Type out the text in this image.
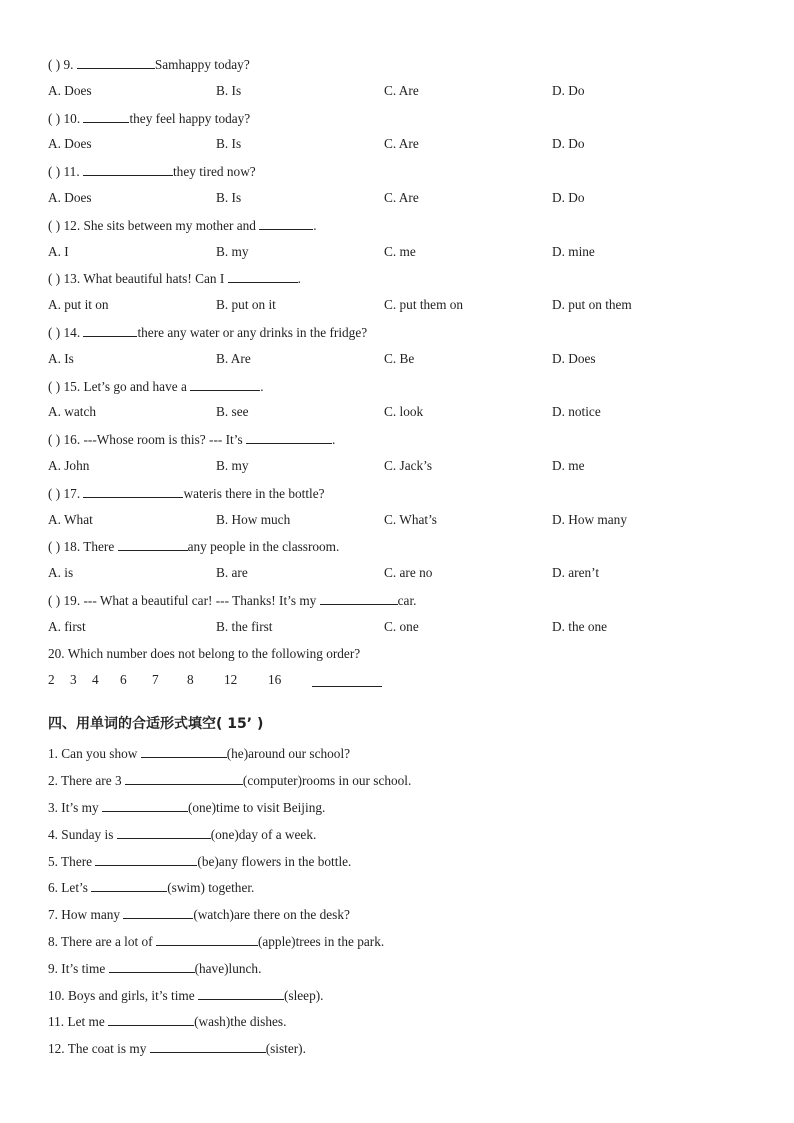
( ) 9.	Samhappy today?
A. Does	B. Is	C. Are	D. Do
( ) 10.	they feel happy today?
A. Does	B. Is	C. Are	D. Do
( ) 11.	they tired now?
A. Does	B. Is	C. Are	D. Do
( ) 12. She sits between my mother and	.
A. I	B. my	C. me	D. mine
( ) 13. What beautiful hats! Can I	.
A. put it on	B. put on it	C. put them on	D. put on them
( ) 14.	there any water or any drinks in the fridge?
A. Is	B. Are	C. Be	D. Does
( ) 15. Let’s go and have a	.
A. watch	B. see	C. look	D. notice
( ) 16. ---Whose room is this? --- It’s	.
A. John	B. my	C. Jack’s	D. me
( ) 17.	wateris there in the bottle?
A. What	B. How much	C. What’s	D. How many
( ) 18. There	any people in the classroom.
A. is	B. are	C. are no	D. aren’t
( ) 19. --- What a beautiful car! --- Thanks! It’s my	car.
A. first	B. the first	C. one	D. the one
20. Which number does not belong to the following order?
2 3 4 6 7 8 12 16
四、用单词的合适形式填空( 15’ )
1. Can you show	(he)around our school?
2. There are 3	(computer)rooms in our school.
3. It’s my	(one)time to visit Beijing.
4. Sunday is	(one)day of a week.
5. There	(be)any flowers in the bottle.
6. Let’s	(swim) together.
7. How many	(watch)are there on the desk?
8. There are a lot of	(apple)trees in the park.
9. It’s time	(have)lunch.
10. Boys and girls, it’s time	(sleep).
11. Let me	(wash)the dishes.
12. The coat is my	(sister).
